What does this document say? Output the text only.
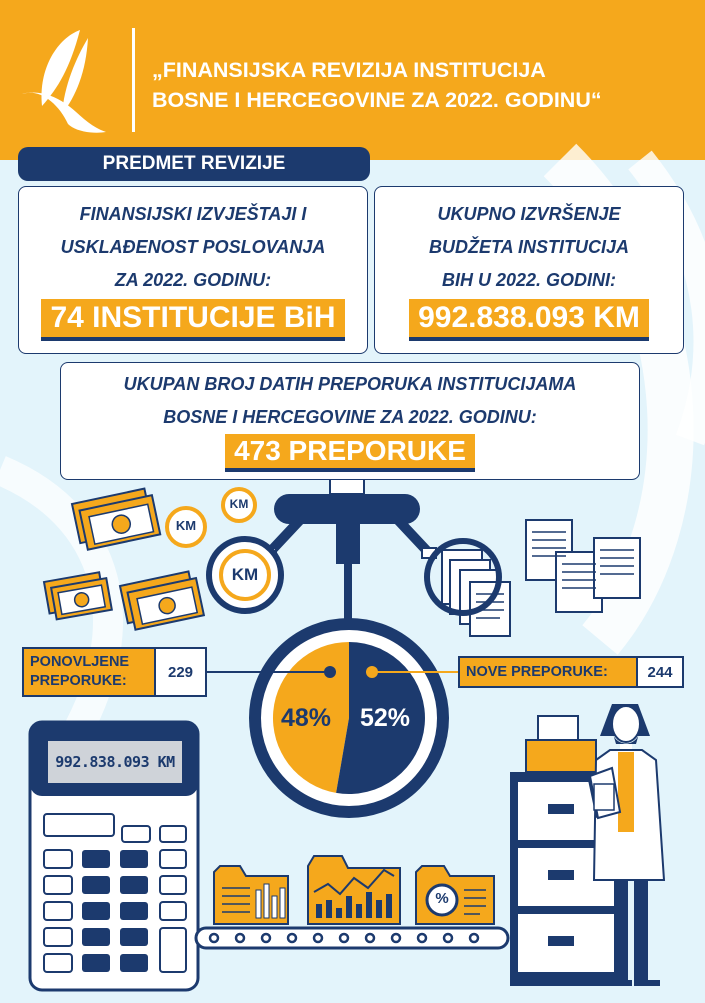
„FINANSIJSKA REVIZIJA INSTITUCIJA
BOSNE I HERCEGOVINE ZA 2022. GODINU“
PREDMET REVIZIJE
FINANSIJSKI IZVJEŠTAJI I
USKLAĐENOST POSLOVANJA
ZA 2022. GODINU:
74 INSTITUCIJE BiH
UKUPNO IZVRŠENJE
BUDŽETA INSTITUCIJA
BIH U 2022. GODINI:
992.838.093 KM
UKUPAN BROJ DATIH PREPORUKA INSTITUCIJAMA
BOSNE I HERCEGOVINE ZA 2022. GODINU:
473 PREPORUKE
KM
KM
KM
PONOVLJENE
PREPORUKE:
229	NOVE PREPORUKE:	244
48% 52%
992.838.093 KM
%
